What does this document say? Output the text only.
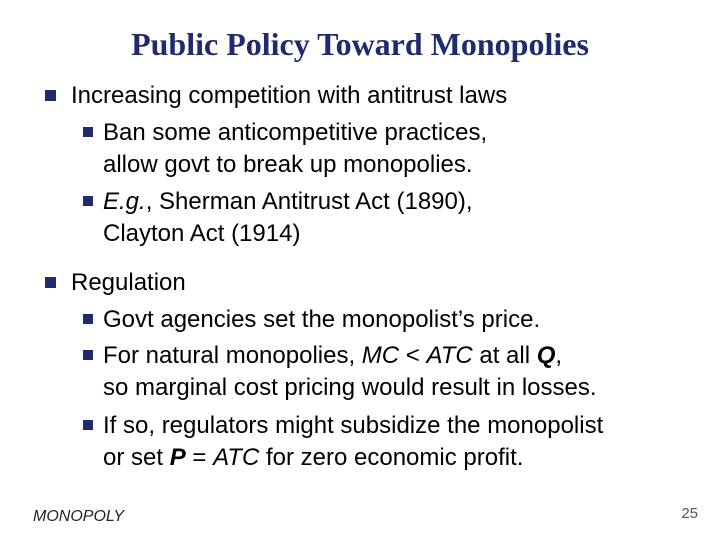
Public Policy Toward Monopolies
Increasing competition with antitrust laws
Ban some anticompetitive practices,
allow govt to break up monopolies.
E.g., Sherman Antitrust Act (1890),
Clayton Act (1914)
Regulation
Govt agencies set the monopolist’s price.
For natural monopolies, MC < ATC at all Q,
so marginal cost pricing would result in losses.
If so, regulators might subsidize the monopolist
or set P = ATC for zero economic profit.
MONOPOLY	25
